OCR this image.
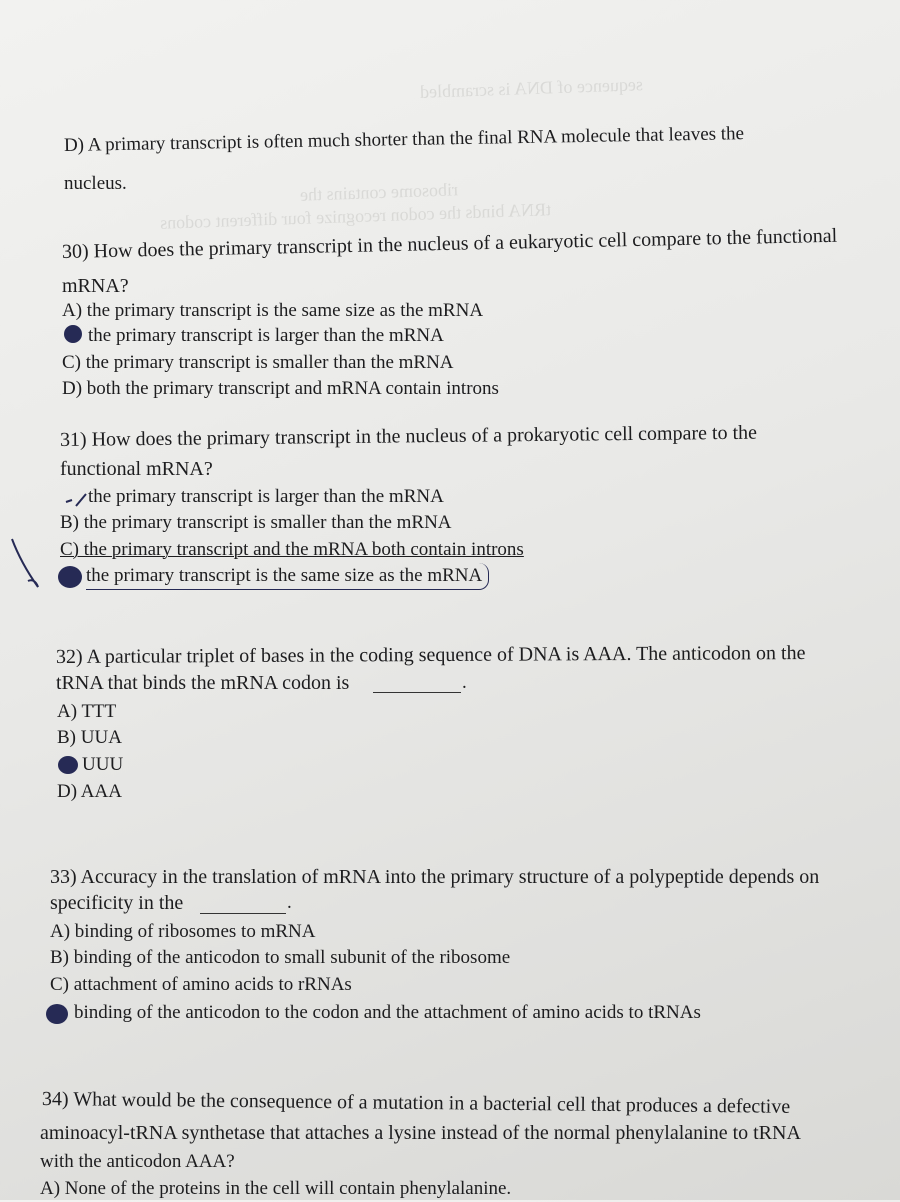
sequence of DNA is scrambled
ribosome contains the
tRNA binds the codon recognize four different codons
D) A primary transcript is often much shorter than the final RNA molecule that leaves the
nucleus.
30) How does the primary transcript in the nucleus of a eukaryotic cell compare to the functional
mRNA?
A) the primary transcript is the same size as the mRNA
the primary transcript is larger than the mRNA
C) the primary transcript is smaller than the mRNA
D) both the primary transcript and mRNA contain introns
31) How does the primary transcript in the nucleus of a prokaryotic cell compare to the
functional mRNA?
the primary transcript is larger than the mRNA
B) the primary transcript is smaller than the mRNA
C) the primary transcript and the mRNA both contain introns
the primary transcript is the same size as the mRNA
32) A particular triplet of bases in the coding sequence of DNA is AAA. The anticodon on the
tRNA that binds the mRNA codon is	.
A) TTT
B) UUA
UUU
D) AAA
33) Accuracy in the translation of mRNA into the primary structure of a polypeptide depends on
specificity in the	.
A) binding of ribosomes to mRNA
B) binding of the anticodon to small subunit of the ribosome
C) attachment of amino acids to rRNAs
binding of the anticodon to the codon and the attachment of amino acids to tRNAs
34) What would be the consequence of a mutation in a bacterial cell that produces a defective
aminoacyl-tRNA synthetase that attaches a lysine instead of the normal phenylalanine to tRNA
with the anticodon AAA?
A) None of the proteins in the cell will contain phenylalanine.
